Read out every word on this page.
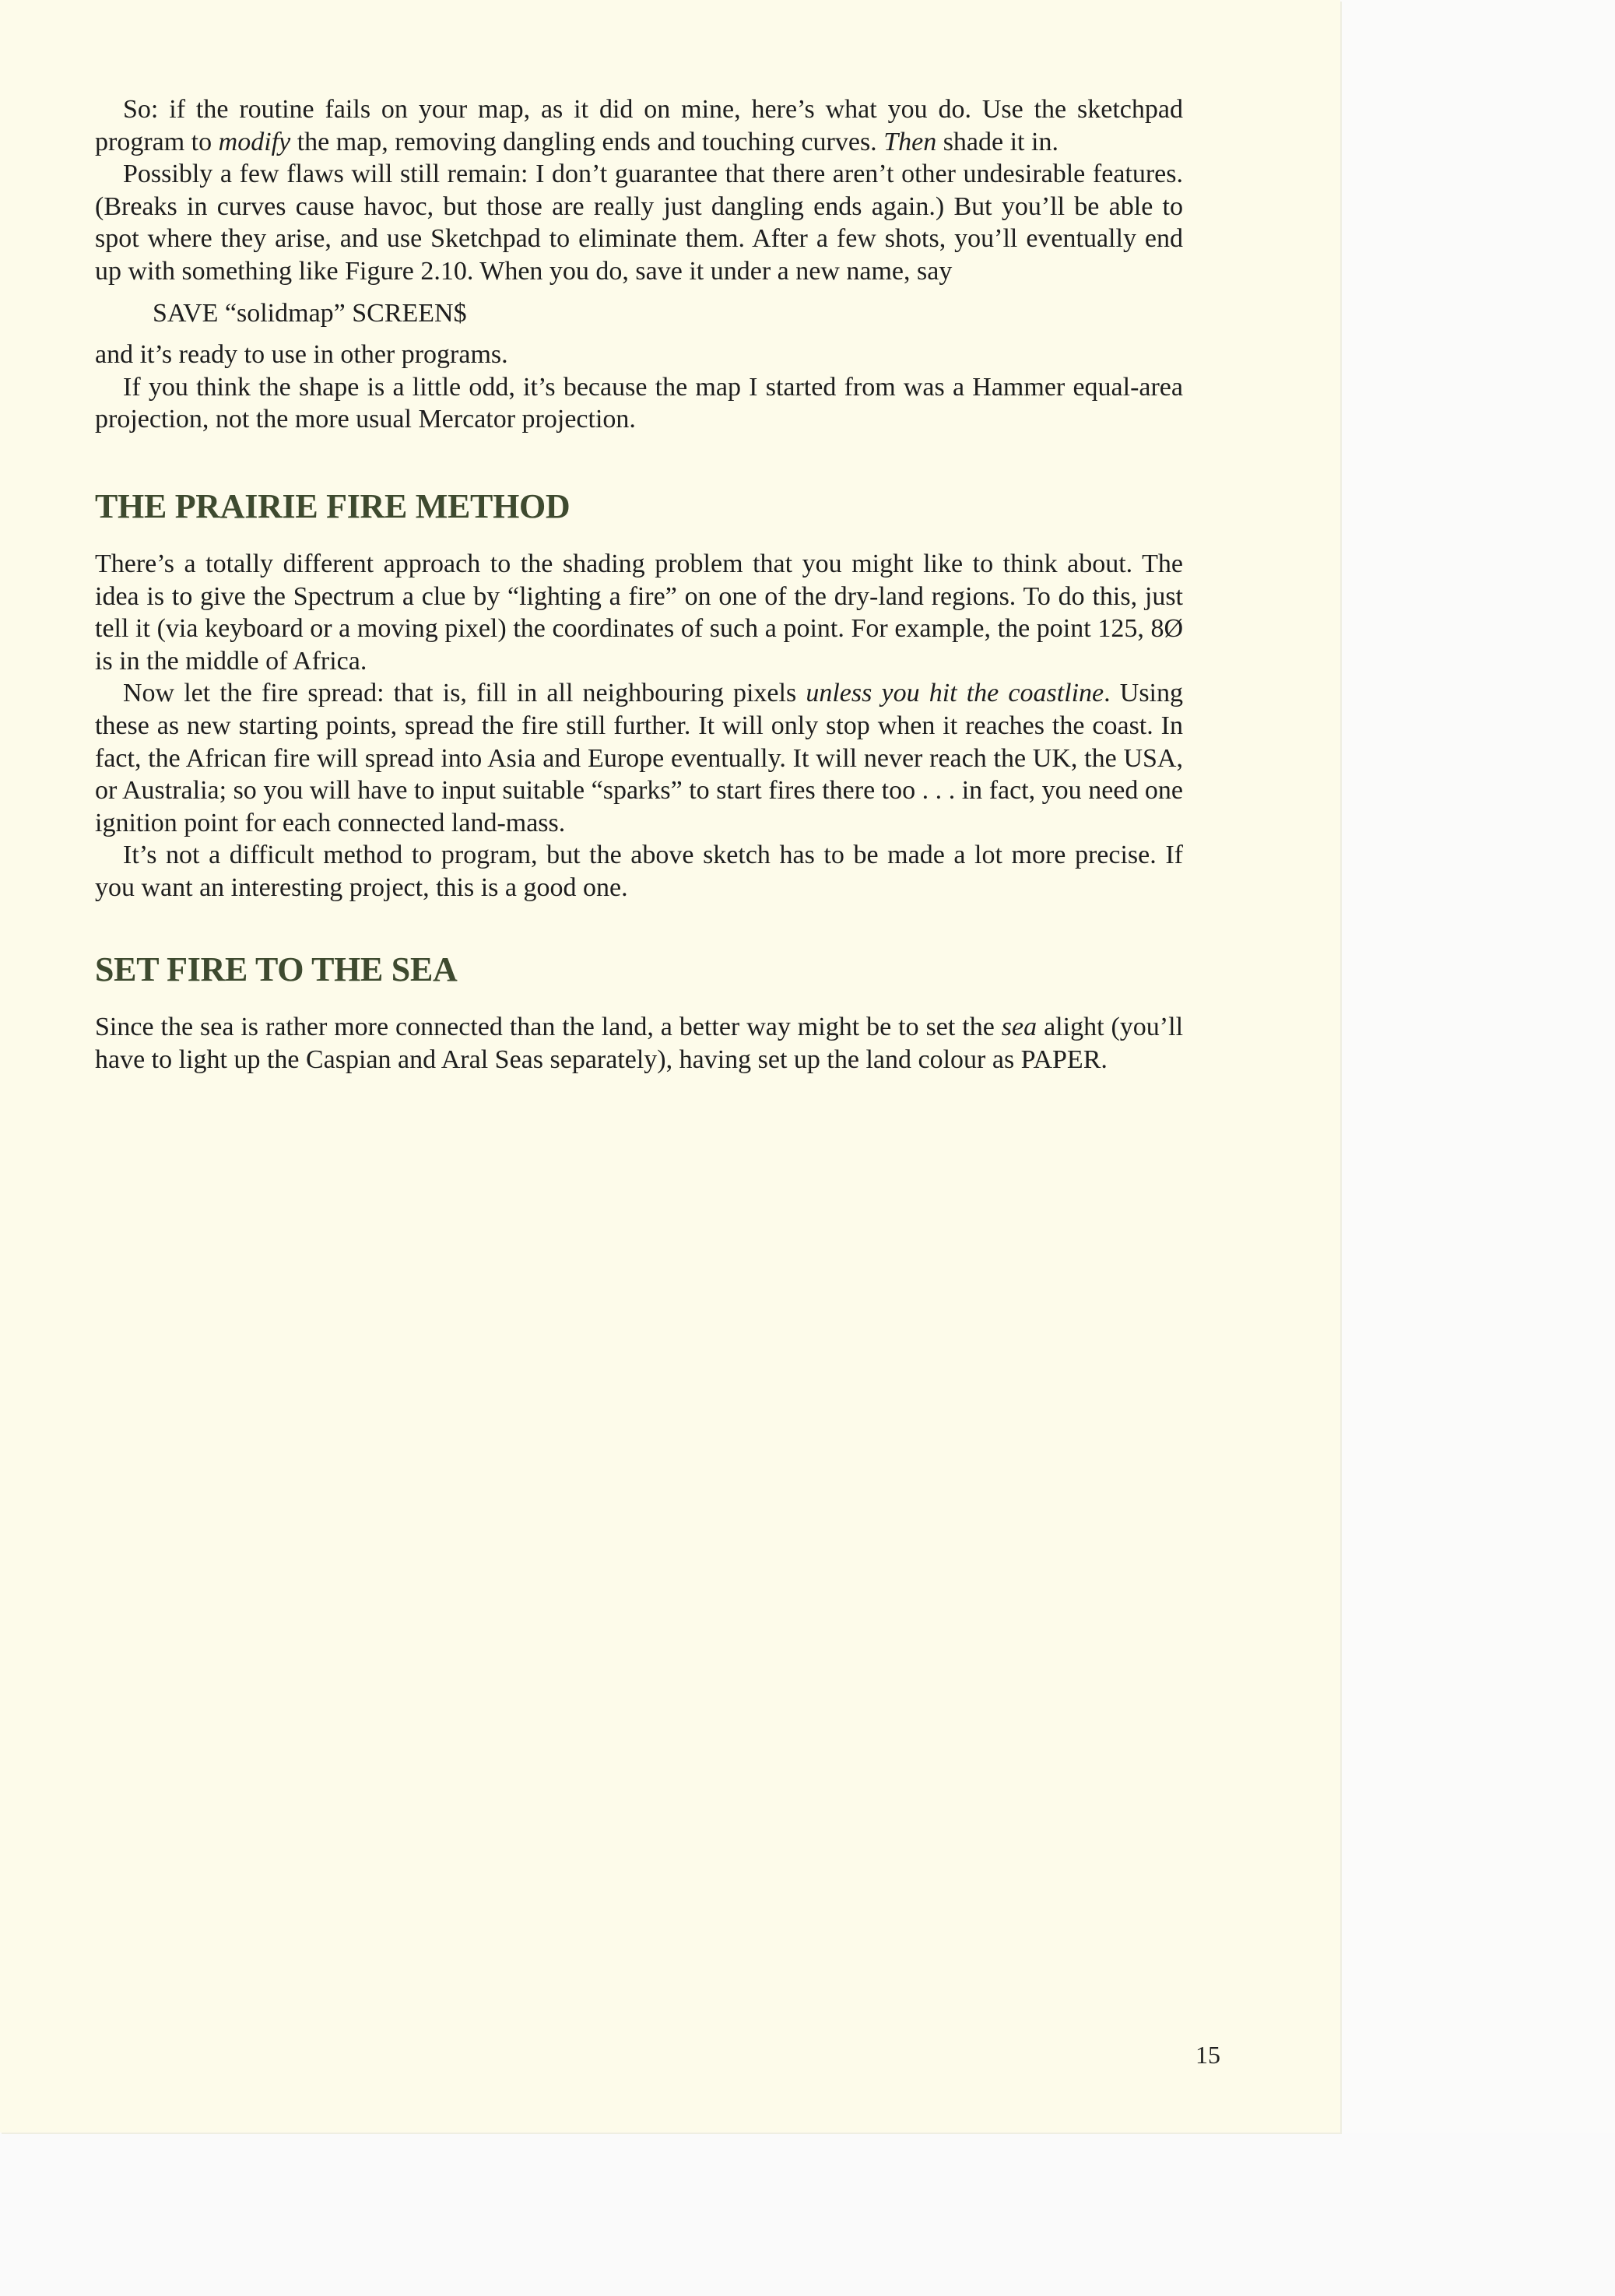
So: if the routine fails on your map, as it did on mine, here’s what you do. Use the sketchpad program to modify the map, removing dangling ends and touching curves. Then shade it in.

Possibly a few flaws will still remain: I don’t guarantee that there aren’t other undesirable features. (Breaks in curves cause havoc, but those are really just dangling ends again.) But you’ll be able to spot where they arise, and use Sketchpad to eliminate them. After a few shots, you’ll eventually end up with something like Figure 2.10. When you do, save it under a new name, say

SAVE “solidmap” SCREEN$

and it’s ready to use in other programs.

If you think the shape is a little odd, it’s because the map I started from was a Hammer equal-area projection, not the more usual Mercator projection.

THE PRAIRIE FIRE METHOD

There’s a totally different approach to the shading problem that you might like to think about. The idea is to give the Spectrum a clue by “lighting a fire” on one of the dry-land regions. To do this, just tell it (via keyboard or a moving pixel) the coordinates of such a point. For example, the point 125, 8Ø is in the middle of Africa.

Now let the fire spread: that is, fill in all neighbouring pixels unless you hit the coastline. Using these as new starting points, spread the fire still further. It will only stop when it reaches the coast. In fact, the African fire will spread into Asia and Europe eventually. It will never reach the UK, the USA, or Australia; so you will have to input suitable “sparks” to start fires there too . . . in fact, you need one ignition point for each connected land-mass.

It’s not a difficult method to program, but the above sketch has to be made a lot more precise. If you want an interesting project, this is a good one.

SET FIRE TO THE SEA

Since the sea is rather more connected than the land, a better way might be to set the sea alight (you’ll have to light up the Caspian and Aral Seas separately), having set up the land colour as PAPER.

15
